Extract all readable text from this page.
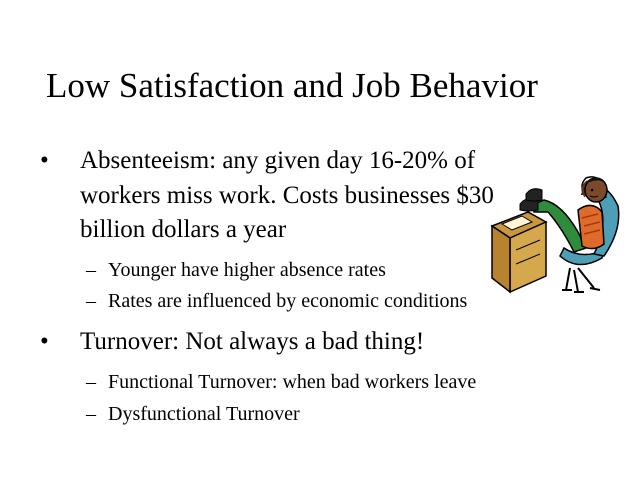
Low Satisfaction and Job Behavior
• Absenteeism: any given day 16-20% of
workers miss work. Costs businesses $30
billion dollars a year
– Younger have higher absence rates
– Rates are influenced by economic conditions
• Turnover: Not always a bad thing!
– Functional Turnover: when bad workers leave
– Dysfunctional Turnover
